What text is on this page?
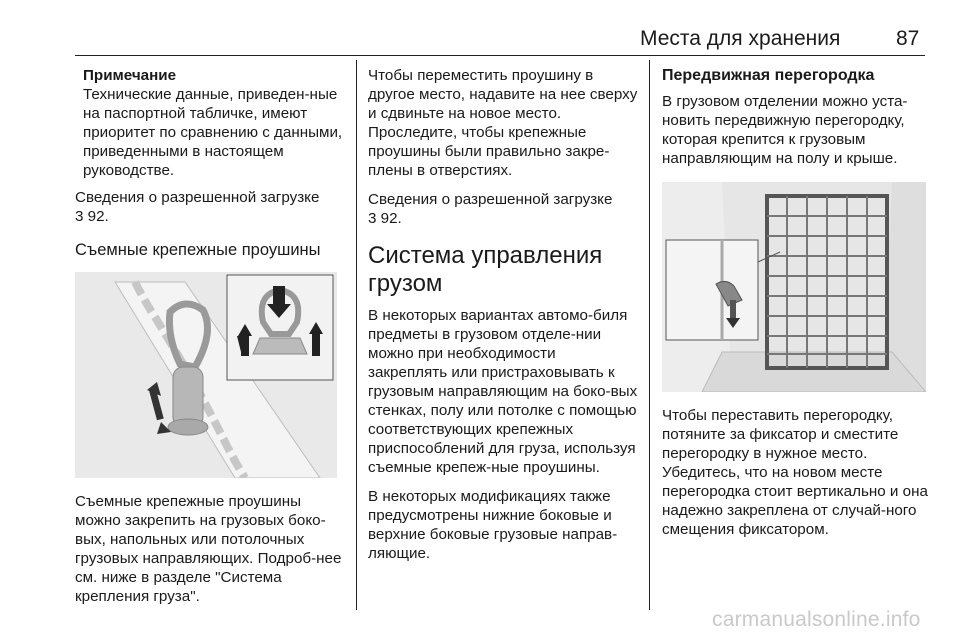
Места для хранения	87
Примечание
Технические данные, приведен-ные на паспортной табличке, имеют приоритет по сравнению с данными, приведенными в настоящем руководстве.

Сведения о разрешенной загрузке
3 92.

Съемные крепежные проушины

Съемные крепежные проушины можно закрепить на грузовых боко-вых, напольных или потолочных грузовых направляющих. Подроб-нее см. ниже в разделе "Система крепления груза".

Чтобы переместить проушину в другое место, надавите на нее сверху и сдвиньте на новое место. Проследите, чтобы крепежные проушины были правильно закре-плены в отверстиях.

Сведения о разрешенной загрузке
3 92.

Система управления грузом

В некоторых вариантах автомо-биля предметы в грузовом отделе-нии можно при необходимости закреплять или пристраховывать к грузовым направляющим на боко-вых стенках, полу или потолке с помощью соответствующих крепежных приспособлений для груза, используя съемные крепеж-ные проушины.

В некоторых модификациях также предусмотрены нижние боковые и верхние боковые грузовые направ-ляющие.

Передвижная перегородка

В грузовом отделении можно уста-новить передвижную перегородку, которая крепится к грузовым направляющим на полу и крыше.

Чтобы переставить перегородку, потяните за фиксатор и сместите перегородку в нужное место. Убедитесь, что на новом месте перегородка стоит вертикально и она надежно закреплена от случай-ного смещения фиксатором.

carmanualsonline.info
